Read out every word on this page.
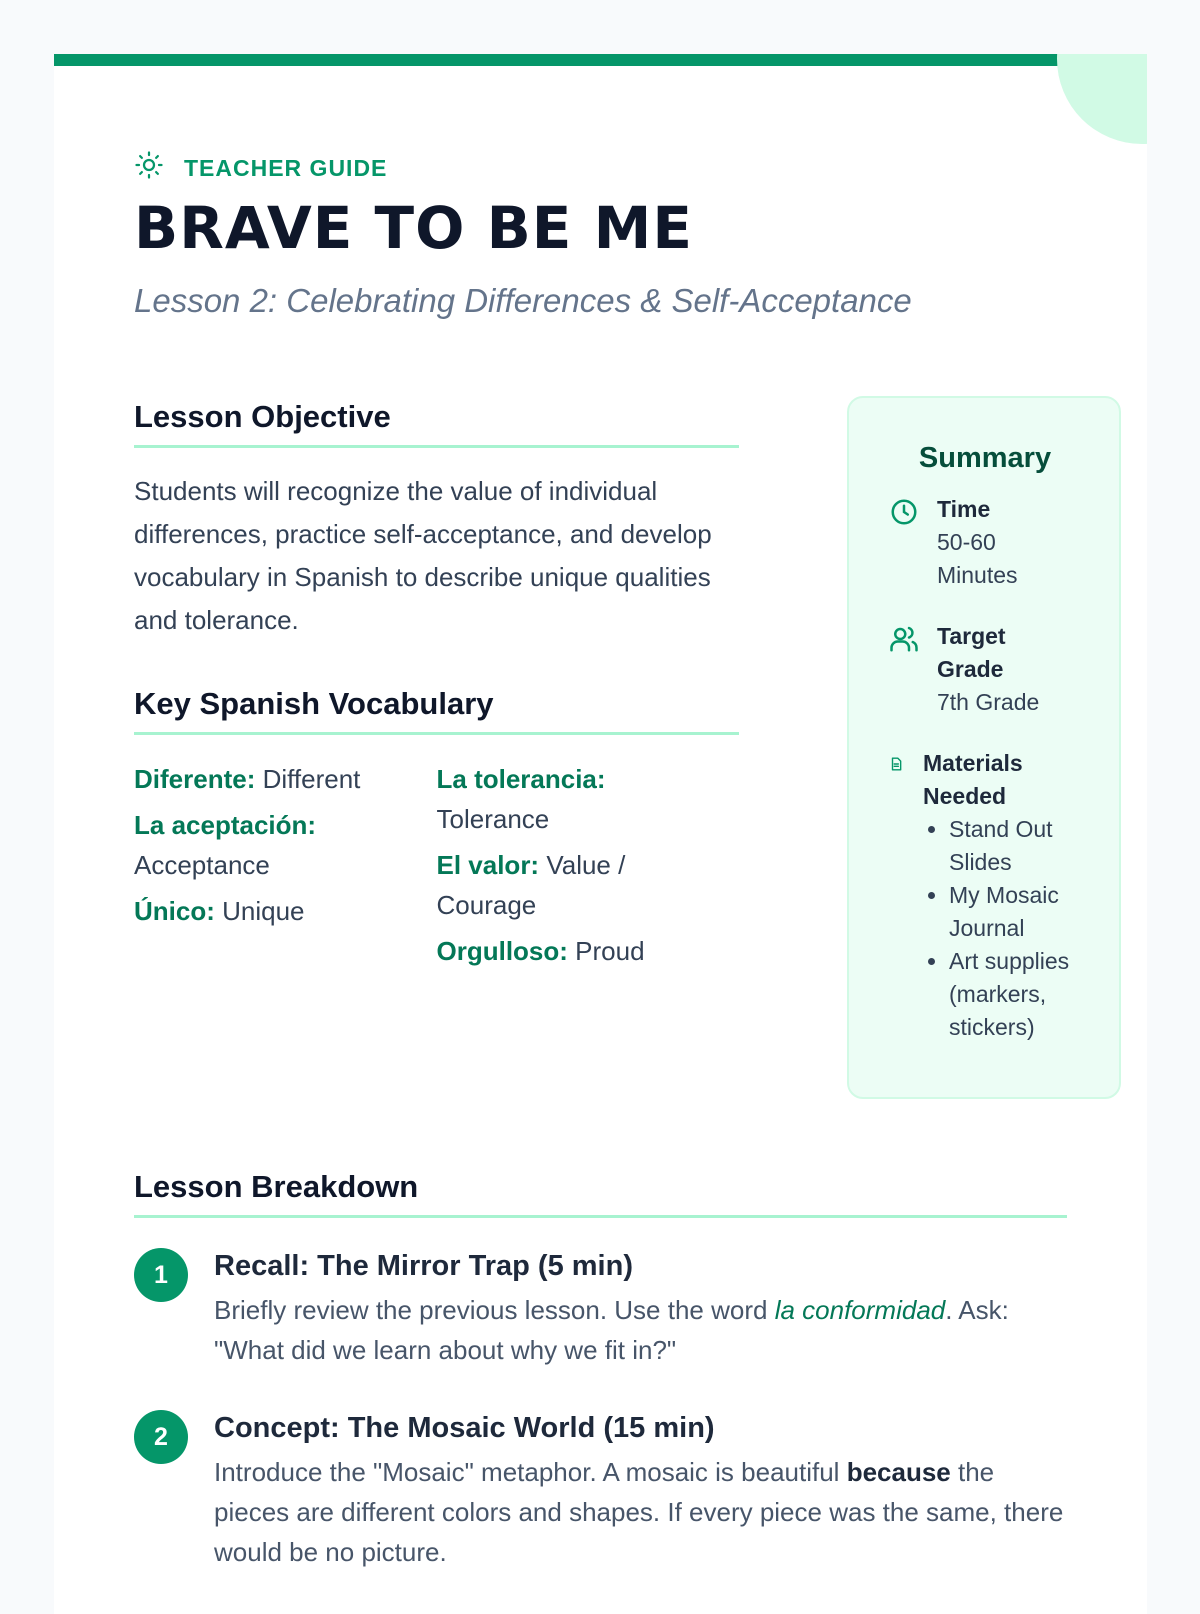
TEACHER GUIDE
BRAVE TO BE ME

Lesson 2: Celebrating Differences & Self-Acceptance

Lesson Objective

Students will recognize the value of individual differences, practice self-acceptance, and develop vocabulary in Spanish to describe unique qualities and tolerance.

Key Spanish Vocabulary
Diferente: Different
La aceptación:
Acceptance
Único: Unique
La tolerancia:
Tolerance
El valor: Value / Courage
Orgulloso: Proud
Summary
Time
50-60 Minutes
Target Grade
7th Grade
Materials Needed
• Stand Out Slides
• My Mosaic Journal
• Art supplies (markers, stickers)
Lesson Breakdown
1	Recall: The Mirror Trap (5 min)
Briefly review the previous lesson. Use the word la conformidad. Ask: "What did we learn about why we fit in?"
2	Concept: The Mosaic World (15 min)
Introduce the "Mosaic" metaphor. A mosaic is beautiful because the pieces are different colors and shapes. If every piece was the same, there would be no picture.
